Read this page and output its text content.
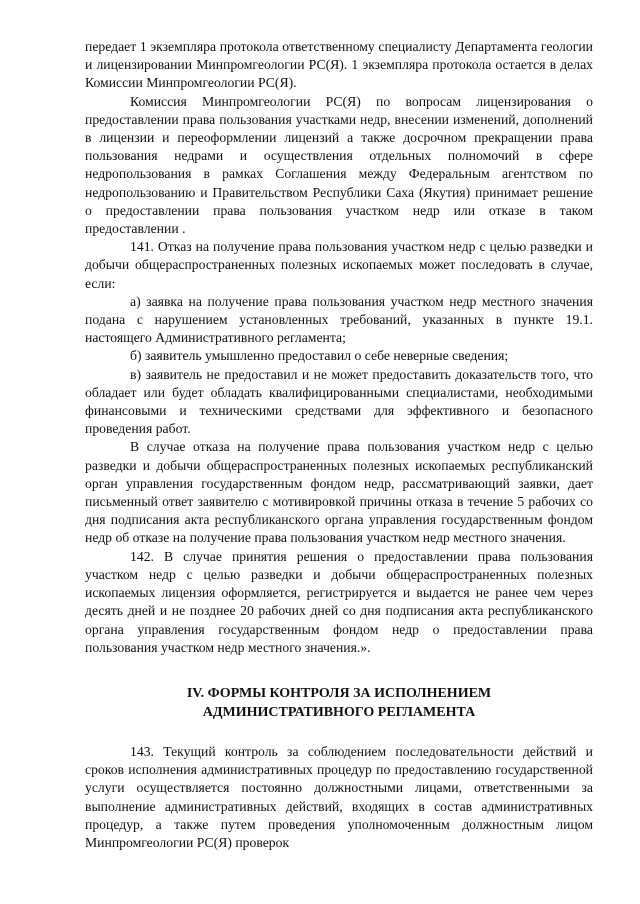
передает 1 экземпляра протокола ответственному специалисту Департамента геологии и лицензировании Минпромгеологии РС(Я). 1 экземпляра протокола остается в делах Комиссии Минпромгеологии РС(Я).

Комиссия Минпромгеологии РС(Я) по вопросам лицензирования о предоставлении права пользования участками недр, внесении изменений, дополнений в лицензии и переоформлении лицензий а также досрочном прекращении права пользования недрами и осуществления отдельных полномочий в сфере недропользования в рамках Соглашения между Федеральным агентством по недропользованию и Правительством Республики Саха (Якутия) принимает решение о предоставлении права пользования участком недр или отказе в таком предоставлении .

141. Отказ на получение права пользования участком недр с целью разведки и добычи общераспространенных полезных ископаемых может последовать в случае, если:

а) заявка на получение права пользования участком недр местного значения подана с нарушением установленных требований, указанных в пункте 19.1. настоящего Административного регламента;

б) заявитель умышленно предоставил о себе неверные сведения;

в) заявитель не предоставил и не может предоставить доказательств того, что обладает или будет обладать квалифицированными специалистами, необходимыми финансовыми и техническими средствами для эффективного и безопасного проведения работ.

В случае отказа на получение права пользования участком недр с целью разведки и добычи общераспространенных полезных ископаемых республиканский орган управления государственным фондом недр, рассматривающий заявки, дает письменный ответ заявителю с мотивировкой причины отказа в течение 5 рабочих со дня подписания акта республиканского органа управления государственным фондом недр об отказе на получение права пользования участком недр местного значения.

142. В случае принятия решения о предоставлении права пользования участком недр с целью разведки и добычи общераспространенных полезных ископаемых лицензия оформляется, регистрируется и выдается не ранее чем через десять дней и не позднее 20 рабочих дней со дня подписания акта республиканского органа управления государственным фондом недр о предоставлении права пользования участком недр местного значения.».

IV. ФОРМЫ КОНТРОЛЯ ЗА ИСПОЛНЕНИЕМ
АДМИНИСТРАТИВНОГО РЕГЛАМЕНТА

143. Текущий контроль за соблюдением последовательности действий и сроков исполнения административных процедур по предоставлению государственной услуги осуществляется постоянно должностными лицами, ответственными за выполнение административных действий, входящих в состав административных процедур, а также путем проведения уполномоченным должностным лицом Минпромгеологии РС(Я) проверок
